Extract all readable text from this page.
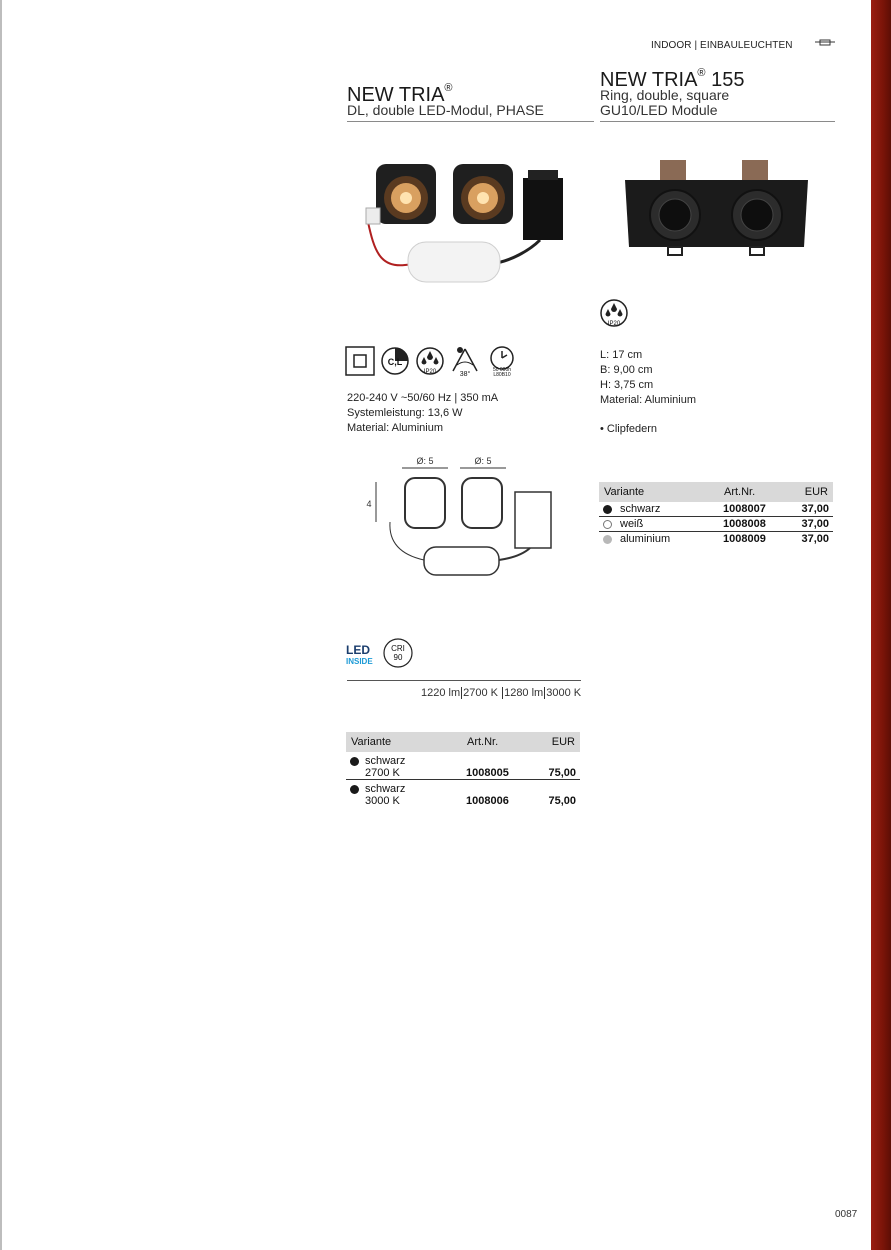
INDOOR | EINBAULEUCHTEN
NEW TRIA®
DL, double LED-Modul, PHASE

C,L

IP20
	38°

50 000h
L80B10
220-240 V ~50/60 Hz | 350 mA
Systemleistung: 13,6 W
Material: Aluminium
Ø: 5	Ø: 5
4
LED
INSIDE
CRI
90
1220 lm 2700 K 1280 lm 3000 K
Variante	Art.Nr.	EUR
schwarz
2700 K	1008005	75,00
schwarz
3000 K	1008006	75,00
NEW TRIA® 155
Ring, double, square
GU10/LED Module
IP20
L: 17 cm
B: 9,00 cm
H: 3,75 cm
Material: Aluminium
• Clipfedern
Variante	Art.Nr.	EUR
schwarz	1008007	37,00
weiß	1008008	37,00
aluminium	1008009	37,00
0087
